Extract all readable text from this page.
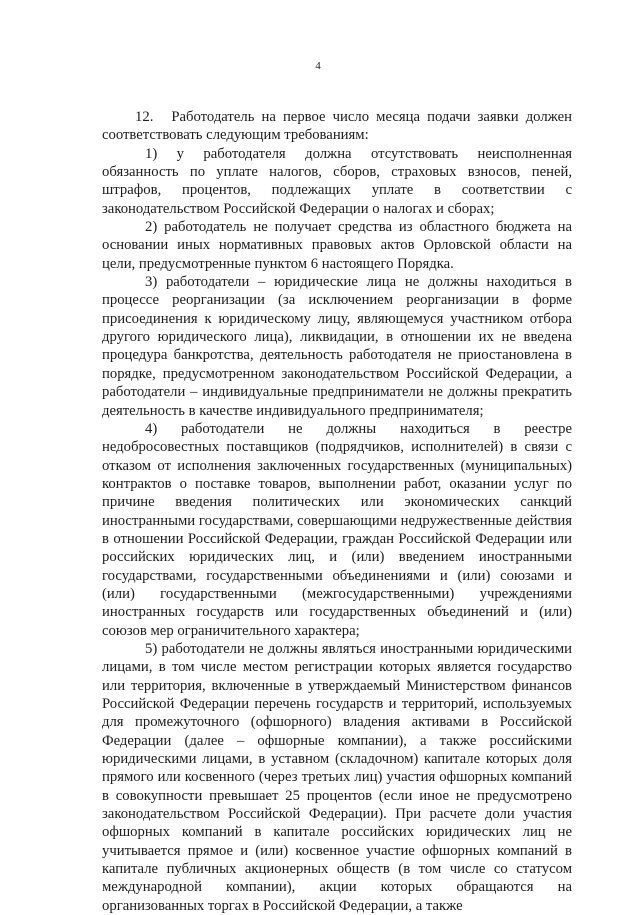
4

12. Работодатель на первое число месяца подачи заявки должен соответствовать следующим требованиям:

1) у работодателя должна отсутствовать неисполненная обязанность по уплате налогов, сборов, страховых взносов, пеней, штрафов, процентов, подлежащих уплате в соответствии с законодательством Российской Федерации о налогах и сборах;

2) работодатель не получает средства из областного бюджета на основании иных нормативных правовых актов Орловской области на цели, предусмотренные пунктом 6 настоящего Порядка.

3) работодатели – юридические лица не должны находиться в процессе реорганизации (за исключением реорганизации в форме присоединения к юридическому лицу, являющемуся участником отбора другого юридического лица), ликвидации, в отношении их не введена процедура банкротства, деятельность работодателя не приостановлена в порядке, предусмотренном законодательством Российской Федерации, а работодатели – индивидуальные предприниматели не должны прекратить деятельность в качестве индивидуального предпринимателя;

4) работодатели не должны находиться в реестре недобросовестных поставщиков (подрядчиков, исполнителей) в связи с отказом от исполнения заключенных государственных (муниципальных) контрактов о поставке товаров, выполнении работ, оказании услуг по причине введения политических или экономических санкций иностранными государствами, совершающими недружественные действия в отношении Российской Федерации, граждан Российской Федерации или российских юридических лиц, и (или) введением иностранными государствами, государственными объединениями и (или) союзами и (или) государственными (межгосударственными) учреждениями иностранных государств или государственных объединений и (или) союзов мер ограничительного характера;

5) работодатели не должны являться иностранными юридическими лицами, в том числе местом регистрации которых является государство или территория, включенные в утверждаемый Министерством финансов Российской Федерации перечень государств и территорий, используемых для промежуточного (офшорного) владения активами в Российской Федерации (далее – офшорные компании), а также российскими юридическими лицами, в уставном (складочном) капитале которых доля прямого или косвенного (через третьих лиц) участия офшорных компаний в совокупности превышает 25 процентов (если иное не предусмотрено законодательством Российской Федерации). При расчете доли участия офшорных компаний в капитале российских юридических лиц не учитывается прямое и (или) косвенное участие офшорных компаний в капитале публичных акционерных обществ (в том числе со статусом международной компании), акции которых обращаются на организованных торгах в Российской Федерации, а также
